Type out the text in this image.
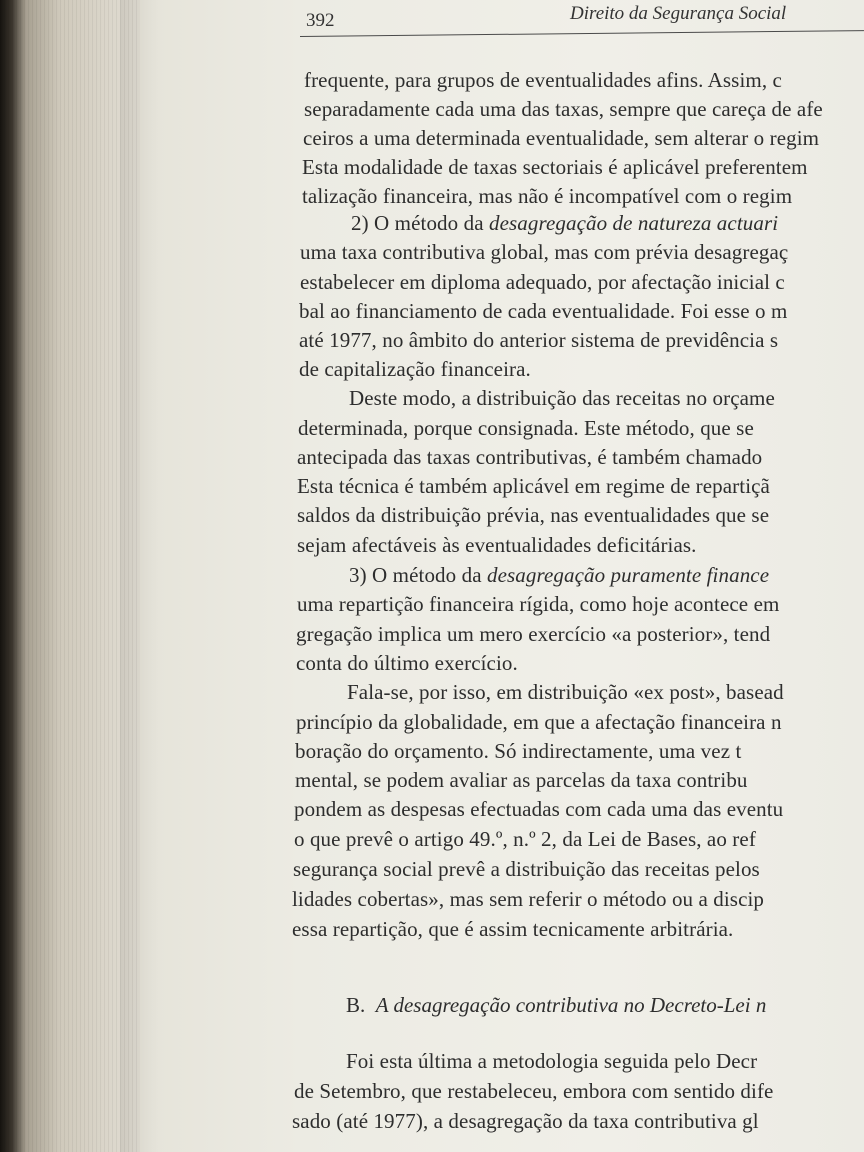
392	Direito da Segurança Social
frequente, para grupos de eventualidades afins. Assim, c
separadamente cada uma das taxas, sempre que careça de afe
ceiros a uma determinada eventualidade, sem alterar o regim
Esta modalidade de taxas sectoriais é aplicável preferentem
talização financeira, mas não é incompatível com o regim
2) O método da desagregação de natureza actuari
uma taxa contributiva global, mas com prévia desagregaç
estabelecer em diploma adequado, por afectação inicial c
bal ao financiamento de cada eventualidade. Foi esse o m
até 1977, no âmbito do anterior sistema de previdência s
de capitalização financeira.
Deste modo, a distribuição das receitas no orçame
determinada, porque consignada. Este método, que se
antecipada das taxas contributivas, é também chamado
Esta técnica é também aplicável em regime de repartiçã
saldos da distribuição prévia, nas eventualidades que se
sejam afectáveis às eventualidades deficitárias.
3) O método da desagregação puramente finance
uma repartição financeira rígida, como hoje acontece em
gregação implica um mero exercício «a posterior», tend
conta do último exercício.
Fala-se, por isso, em distribuição «ex post», basead
princípio da globalidade, em que a afectação financeira n
boração do orçamento. Só indirectamente, uma vez t
mental, se podem avaliar as parcelas da taxa contribu
pondem as despesas efectuadas com cada uma das eventu
o que prevê o artigo 49.º, n.º 2, da Lei de Bases, ao ref
segurança social prevê a distribuição das receitas pelos
lidades cobertas», mas sem referir o método ou a discip
essa repartição, que é assim tecnicamente arbitrária.
Foi esta última a metodologia seguida pelo Decr
de Setembro, que restabeleceu, embora com sentido dife
sado (até 1977), a desagregação da taxa contributiva gl
B. A desagregação contributiva no Decreto-Lei n
